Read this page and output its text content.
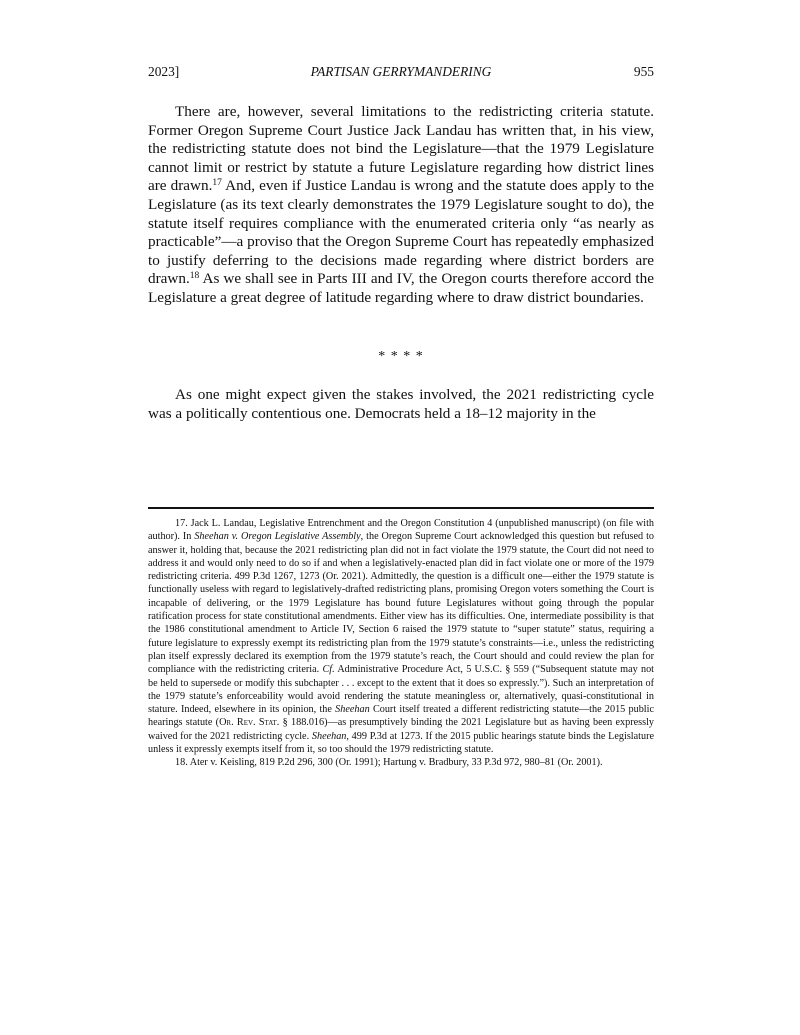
2023]	PARTISAN GERRYMANDERING	955

There are, however, several limitations to the redistricting criteria statute. Former Oregon Supreme Court Justice Jack Landau has written that, in his view, the redistricting statute does not bind the Legislature—that the 1979 Legislature cannot limit or restrict by statute a future Legislature regarding how district lines are drawn.$^{17}$ And, even if Justice Landau is wrong and the statute does apply to the Legislature (as its text clearly demonstrates the 1979 Legislature sought to do), the statute itself requires compliance with the enumerated criteria only “as nearly as practicable”—a proviso that the Oregon Supreme Court has repeatedly emphasized to justify deferring to the decisions made regarding where district borders are drawn.$^{18}$ As we shall see in Parts III and IV, the Oregon courts therefore accord the Legislature a great degree of latitude regarding where to draw district boundaries.

* * * *

As one might expect given the stakes involved, the 2021 redistricting cycle was a politically contentious one. Democrats held a 18–12 majority in the

17. Jack L. Landau, Legislative Entrenchment and the Oregon Constitution 4 (unpublished manuscript) (on file with author). In Sheehan v. Oregon Legislative Assembly, the Oregon Supreme Court acknowledged this question but refused to answer it, holding that, because the 2021 redistricting plan did not in fact violate the 1979 statute, the Court did not need to address it and would only need to do so if and when a legislatively-enacted plan did in fact violate one or more of the 1979 redistricting criteria. 499 P.3d 1267, 1273 (Or. 2021). Admittedly, the question is a difficult one—either the 1979 statute is functionally useless with regard to legislatively-drafted redistricting plans, promising Oregon voters something the Court is incapable of delivering, or the 1979 Legislature has bound future Legislatures without going through the popular ratification process for state constitutional amendments. Either view has its difficulties. One, intermediate possibility is that the 1986 constitutional amendment to Article IV, Section 6 raised the 1979 statute to “super statute” status, requiring a future legislature to expressly exempt its redistricting plan from the 1979 statute’s constraints—i.e., unless the redistricting plan itself expressly declared its exemption from the 1979 statute’s reach, the Court should and could review the plan for compliance with the redistricting criteria. Cf. Administrative Procedure Act, 5 U.S.C. § 559 (“Subsequent statute may not be held to supersede or modify this subchapter . . . except to the extent that it does so expressly.”). Such an interpretation of the 1979 statute’s enforceability would avoid rendering the statute meaningless or, alternatively, quasi-constitutional in stature. Indeed, elsewhere in its opinion, the Sheehan Court itself treated a different redistricting statute—the 2015 public hearings statute (Or. Rev. Stat. § 188.016)—as presumptively binding the 2021 Legislature but as having been expressly waived for the 2021 redistricting cycle. Sheehan, 499 P.3d at 1273. If the 2015 public hearings statute binds the Legislature unless it expressly exempts itself from it, so too should the 1979 redistricting statute.

18. Ater v. Keisling, 819 P.2d 296, 300 (Or. 1991); Hartung v. Bradbury, 33 P.3d 972, 980–81 (Or. 2001).
